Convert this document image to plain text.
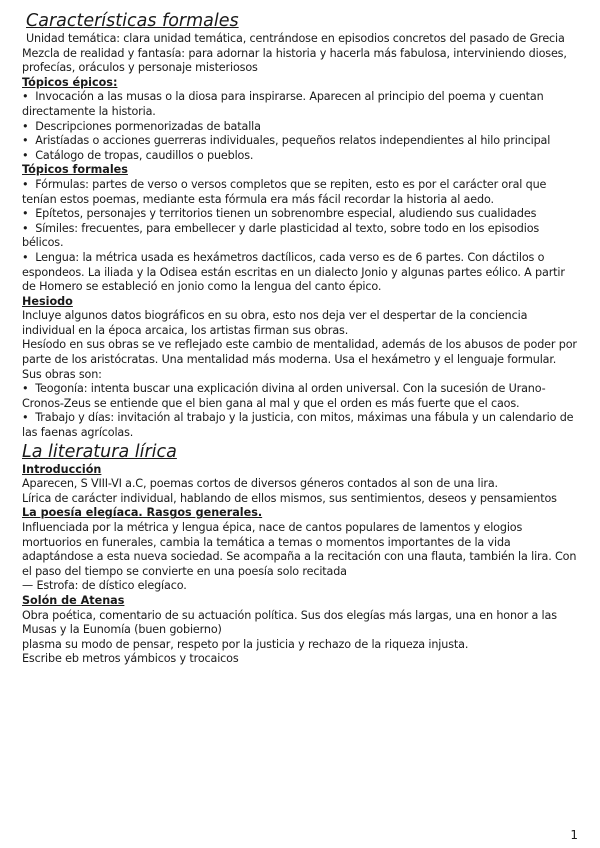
Características formales

Unidad temática: clara unidad temática, centrándose en episodios concretos del pasado de Grecia

Mezcla de realidad y fantasía: para adornar la historia y hacerla más fabulosa, interviniendo dioses, profecías, oráculos y personaje misteriosos

Tópicos épicos:

•  Invocación a las musas o la diosa para inspirarse. Aparecen al principio del poema y cuentan directamente la historia.

•  Descripciones pormenorizadas de batalla

•  Aristíadas o acciones guerreras individuales, pequeños relatos independientes al hilo principal

•  Catálogo de tropas, caudillos o pueblos.

Tópicos formales

•  Fórmulas: partes de verso o versos completos que se repiten, esto es por el carácter oral que tenían estos poemas, mediante esta fórmula era más fácil recordar la historia al aedo.

•  Epítetos, personajes y territorios tienen un sobrenombre especial, aludiendo sus cualidades

•  Símiles: frecuentes, para embellecer y darle plasticidad al texto, sobre todo en los episodios bélicos.

•  Lengua: la métrica usada es hexámetros dactílicos, cada verso es de 6 partes. Con dáctilos o espondeos. La iliada y la Odisea están escritas en un dialecto Jonio y algunas partes eólico. A partir de Homero se estableció en jonio como la lengua del canto épico.

Hesiodo

Incluye algunos datos biográficos en su obra, esto nos deja ver el despertar de la conciencia individual en la época arcaica, los artistas firman sus obras.

Hesíodo en sus obras se ve reflejado este cambio de mentalidad, además de los abusos de poder por parte de los aristócratas. Una mentalidad más moderna. Usa el hexámetro y el lenguaje formular. Sus obras son:

•  Teogonía: intenta buscar una explicación divina al orden universal. Con la sucesión de Urano-Cronos-Zeus se entiende que el bien gana al mal y que el orden es más fuerte que el caos.

•  Trabajo y días: invitación al trabajo y la justicia, con mitos, máximas una fábula y un calendario de las faenas agrícolas.

La literatura lírica
Introducción

Aparecen, S VIII-VI a.C, poemas cortos de diversos géneros contados al son de una lira.

Lírica de carácter individual, hablando de ellos mismos, sus sentimientos, deseos y pensamientos

La poesía elegíaca. Rasgos generales.

Influenciada por la métrica y lengua épica, nace de cantos populares de lamentos y elogios mortuorios en funerales, cambia la temática a temas o momentos importantes de la vida adaptándose a esta nueva sociedad. Se acompaña a la recitación con una flauta, también la lira. Con el paso del tiempo se convierte en una poesía solo recitada

— Estrofa: de dístico elegíaco.

Solón de Atenas

Obra poética, comentario de su actuación política. Sus dos elegías más largas, una en honor a las Musas y la Eunomía (buen gobierno)

plasma su modo de pensar, respeto por la justicia y rechazo de la riqueza injusta.

Escribe eb metros yámbicos y trocaicos

1
